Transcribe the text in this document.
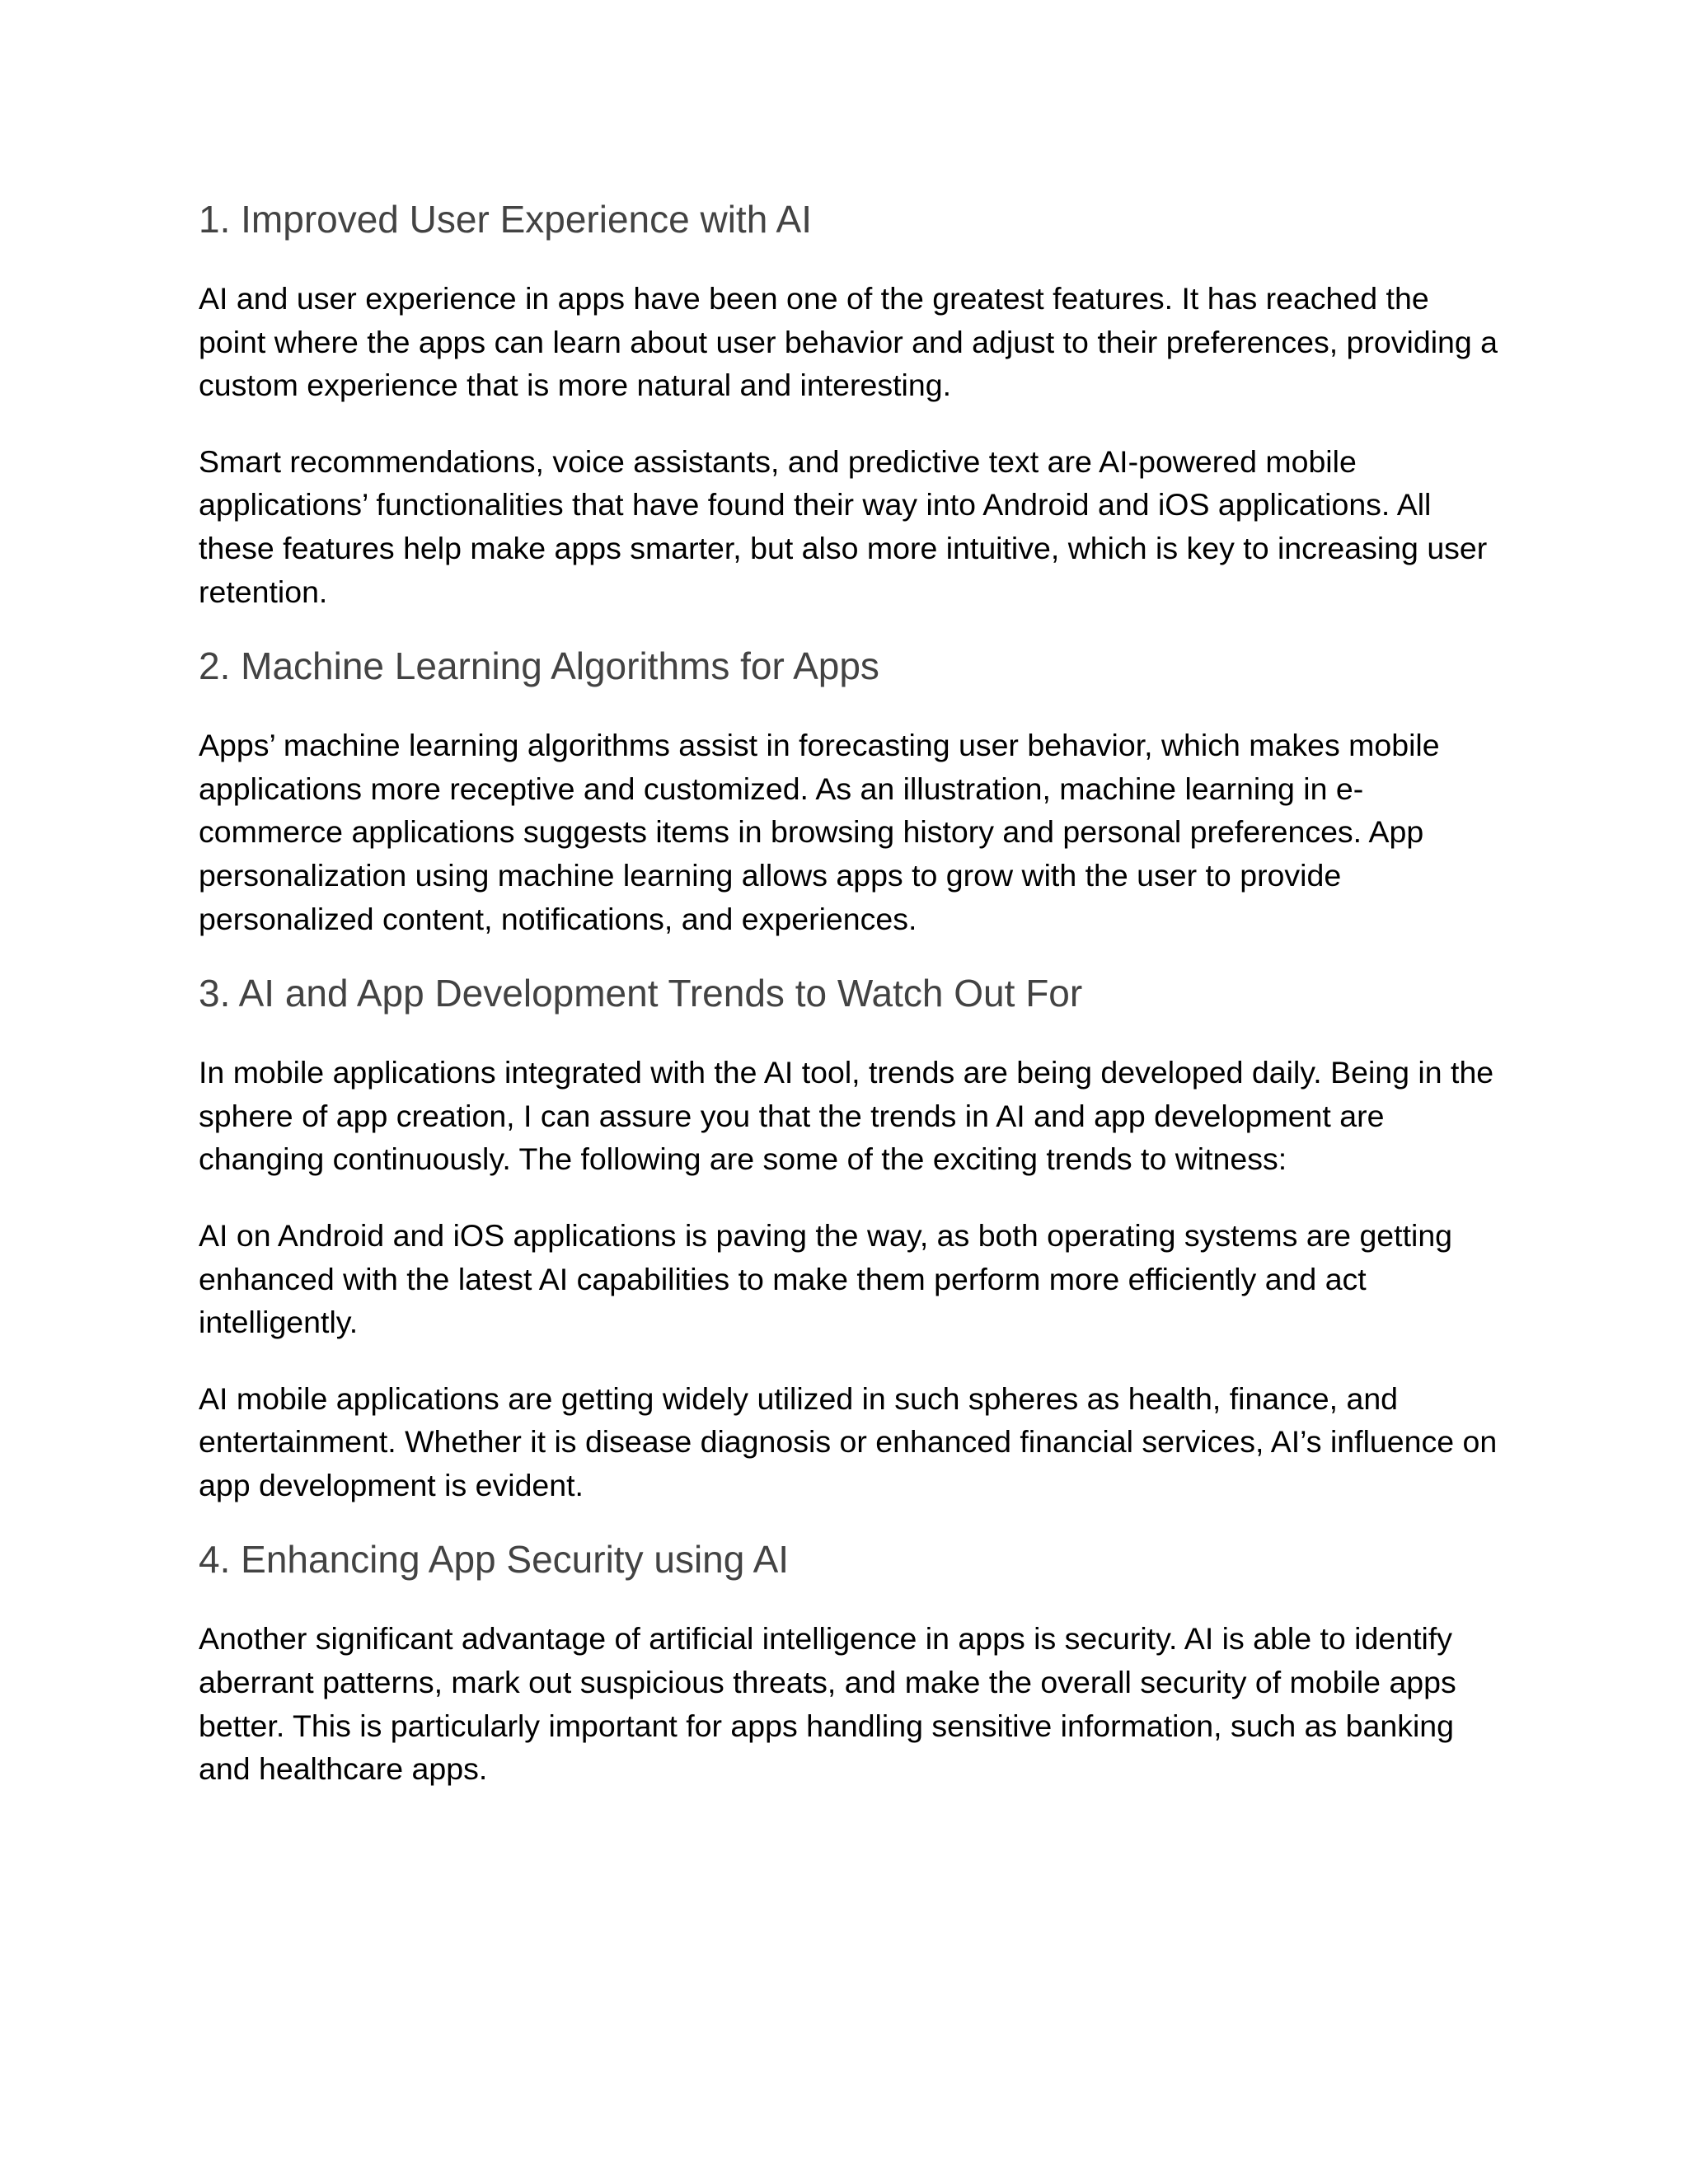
1. Improved User Experience with AI

AI and user experience in apps have been one of the greatest features. It has reached the point where the apps can learn about user behavior and adjust to their preferences, providing a custom experience that is more natural and interesting.

Smart recommendations, voice assistants, and predictive text are AI-powered mobile applications’ functionalities that have found their way into Android and iOS applications. All these features help make apps smarter, but also more intuitive, which is key to increasing user retention.

2. Machine Learning Algorithms for Apps

Apps’ machine learning algorithms assist in forecasting user behavior, which makes mobile applications more receptive and customized. As an illustration, machine learning in e-commerce applications suggests items in browsing history and personal preferences. App personalization using machine learning allows apps to grow with the user to provide personalized content, notifications, and experiences.

3. AI and App Development Trends to Watch Out For

In mobile applications integrated with the AI tool, trends are being developed daily. Being in the sphere of app creation, I can assure you that the trends in AI and app development are changing continuously. The following are some of the exciting trends to witness:

AI on Android and iOS applications is paving the way, as both operating systems are getting enhanced with the latest AI capabilities to make them perform more efficiently and act intelligently.

AI mobile applications are getting widely utilized in such spheres as health, finance, and entertainment. Whether it is disease diagnosis or enhanced financial services, AI’s influence on app development is evident.

4. Enhancing App Security using AI

Another significant advantage of artificial intelligence in apps is security. AI is able to identify aberrant patterns, mark out suspicious threats, and make the overall security of mobile apps better. This is particularly important for apps handling sensitive information, such as banking and healthcare apps.
